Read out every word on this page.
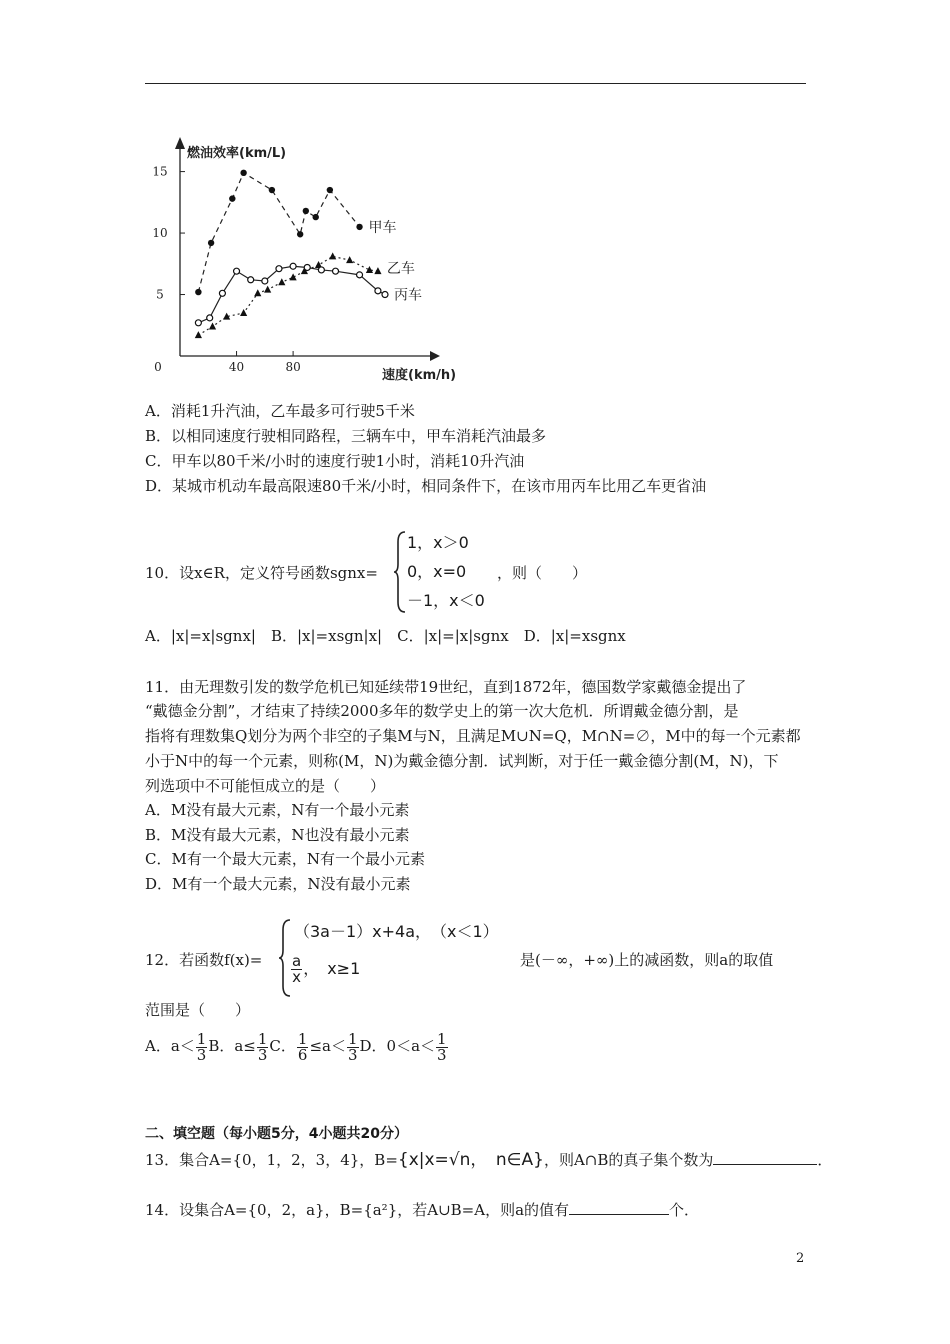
40	80
5
10
15
0
燃油效率(km/L)
速度(km/h)
甲车
乙车
丙车
A．消耗1升汽油，乙车最多可行驶5千米
B．以相同速度行驶相同路程，三辆车中，甲车消耗汽油最多
C．甲车以80千米/小时的速度行驶1小时，消耗10升汽油
D．某城市机动车最高限速80千米/小时，相同条件下，在该市用丙车比用乙车更省油
10．设x∈R，定义符号函数sgnx=
1，x＞0
0，x=0
－1，x＜0
，则（　　）
A．|x|=x|sgnx|　B．|x|=xsgn|x|　C．|x|=|x|sgnx　D．|x|=xsgnx
11．由无理数引发的数学危机已知延续带19世纪，直到1872年，德国数学家戴德金提出了
“戴德金分割”，才结束了持续2000多年的数学史上的第一次大危机．所谓戴金德分割，是
指将有理数集Q划分为两个非空的子集M与N，且满足M∪N=Q，M∩N=∅，M中的每一个元素都
小于N中的每一个元素，则称(M，N)为戴金德分割．试判断，对于任一戴金德分割(M，N)，下
列选项中不可能恒成立的是（　　）
A．M没有最大元素，N有一个最小元素
B．M没有最大元素，N也没有最小元素
C．M有一个最大元素，N有一个最小元素
D．M有一个最大元素，N没有最小元素
12．若函数f(x)=
（3a－1）x+4a，　（x＜1）
$\frac{a}{x}$ ，　x≥1	是(－∞，+∞)上的减函数，则a的取值
范围是（　　）
A．$a< \frac{1}{3}$ B．$a\le \frac{1}{3}$ C． $\frac{1}{6} \le a< \frac{1}{3}$ D．$0<a< \frac{1}{3}$
二、填空题（每小题5分，4小题共20分）
13．集合A={0，1，2，3，4}，B={x|x=√n，　n∈A}，则A∩B的真子集个数为	．
14．设集合A={0，2，a}，B={a²}，若A∪B=A，则a的值有	个．
2
